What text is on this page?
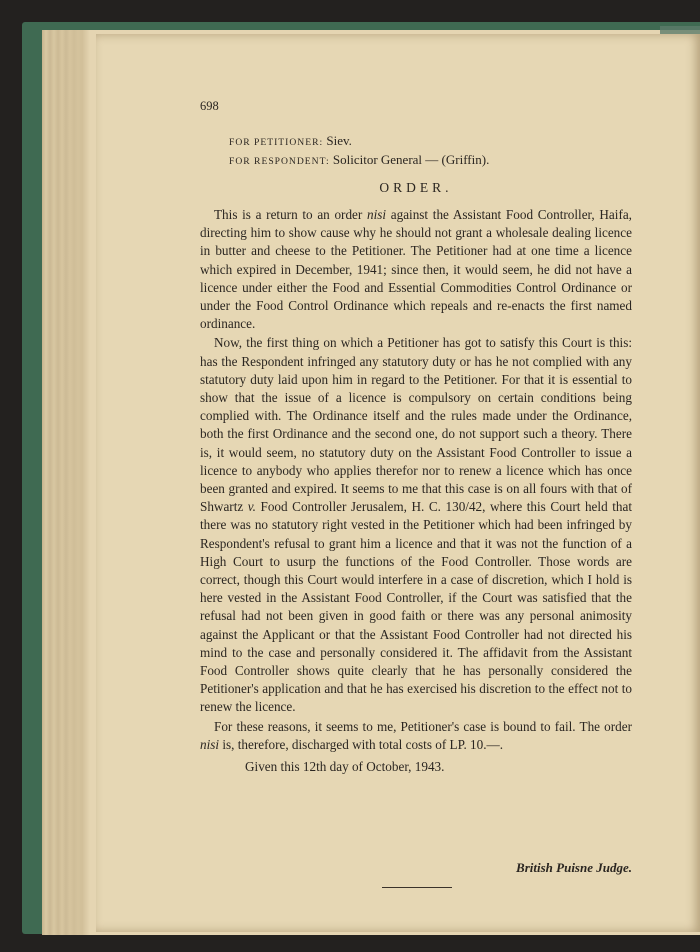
698
FOR PETITIONER: Siev.
FOR RESPONDENT: Solicitor General — (Griffin).
ORDER.

This is a return to an order nisi against the Assistant Food Controller, Haifa, directing him to show cause why he should not grant a wholesale dealing licence in butter and cheese to the Petitioner. The Petitioner had at one time a licence which expired in December, 1941; since then, it would seem, he did not have a licence under either the Food and Essential Commodities Control Ordinance or under the Food Control Ordinance which repeals and re-enacts the first named ordinance.

Now, the first thing on which a Petitioner has got to satisfy this Court is this: has the Respondent infringed any statutory duty or has he not complied with any statutory duty laid upon him in regard to the Petitioner. For that it is essential to show that the issue of a licence is compulsory on certain conditions being complied with. The Ordinance itself and the rules made under the Ordinance, both the first Ordinance and the second one, do not support such a theory. There is, it would seem, no statutory duty on the Assistant Food Controller to issue a licence to anybody who applies therefor nor to renew a licence which has once been granted and expired. It seems to me that this case is on all fours with that of Shwartz v. Food Controller Jerusalem, H. C. 130/42, where this Court held that there was no statutory right vested in the Petitioner which had been infringed by Respondent's refusal to grant him a licence and that it was not the function of a High Court to usurp the functions of the Food Controller. Those words are correct, though this Court would interfere in a case of discretion, which I hold is here vested in the Assistant Food Controller, if the Court was satisfied that the refusal had not been given in good faith or there was any personal animosity against the Applicant or that the Assistant Food Controller had not directed his mind to the case and personally considered it. The affidavit from the Assistant Food Controller shows quite clearly that he has personally considered the Petitioner's application and that he has exercised his discretion to the effect not to renew the licence.

For these reasons, it seems to me, Petitioner's case is bound to fail. The order nisi is, therefore, discharged with total costs of LP. 10.—.

Given this 12th day of October, 1943.

British Puisne Judge.
